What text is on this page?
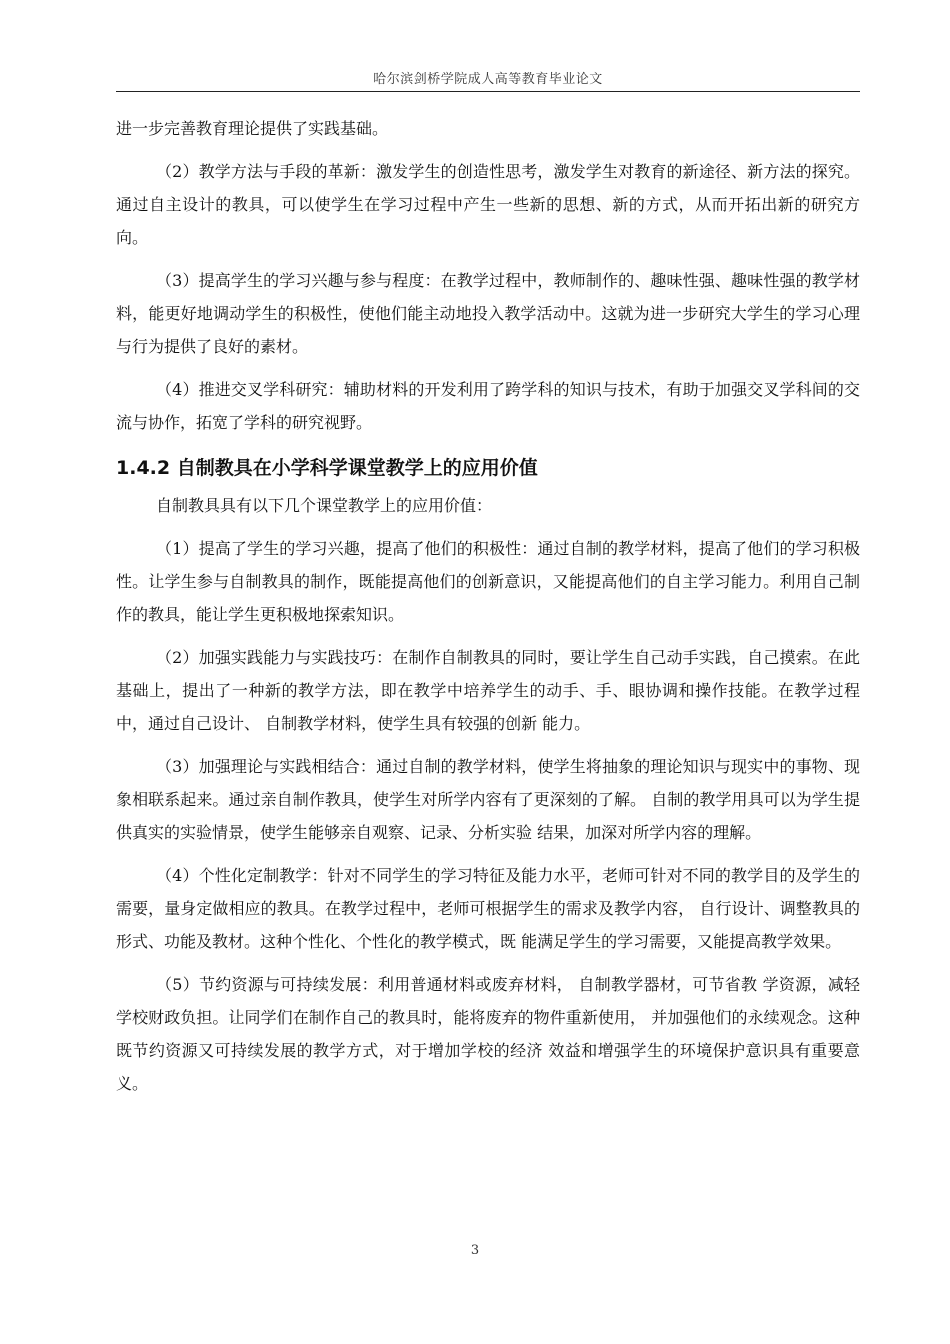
哈尔滨剑桥学院成人高等教育毕业论文

进一步完善教育理论提供了实践基础。

（2）教学方法与手段的革新：激发学生的创造性思考，激发学生对教育的新途径、新方法的探究。通过自主设计的教具，可以使学生在学习过程中产生一些新的思想、新的方式，从而开拓出新的研究方向。

（3）提高学生的学习兴趣与参与程度：在教学过程中，教师制作的、趣味性强、趣味性强的教学材料，能更好地调动学生的积极性，使他们能主动地投入教学活动中。这就为进一步研究大学生的学习心理与行为提供了良好的素材。

（4）推进交叉学科研究：辅助材料的开发利用了跨学科的知识与技术，有助于加强交叉学科间的交流与协作，拓宽了学科的研究视野。

1.4.2 自制教具在小学科学课堂教学上的应用价值

自制教具具有以下几个课堂教学上的应用价值：

（1）提高了学生的学习兴趣，提高了他们的积极性：通过自制的教学材料，提高了他们的学习积极性。让学生参与自制教具的制作，既能提高他们的创新意识，又能提高他们的自主学习能力。利用自己制作的教具，能让学生更积极地探索知识。

（2）加强实践能力与实践技巧：在制作自制教具的同时，要让学生自己动手实践，自己摸索。在此基础上，提出了一种新的教学方法，即在教学中培养学生的动手、手、眼协调和操作技能。在教学过程中，通过自己设计、 自制教学材料，使学生具有较强的创新 能力。

（3）加强理论与实践相结合：通过自制的教学材料，使学生将抽象的理论知识与现实中的事物、现象相联系起来。通过亲自制作教具，使学生对所学内容有了更深刻的了解。 自制的教学用具可以为学生提供真实的实验情景，使学生能够亲自观察、记录、分析实验 结果，加深对所学内容的理解。

（4）个性化定制教学：针对不同学生的学习特征及能力水平，老师可针对不同的教学目的及学生的需要，量身定做相应的教具。在教学过程中，老师可根据学生的需求及教学内容， 自行设计、调整教具的形式、功能及教材。这种个性化、个性化的教学模式，既 能满足学生的学习需要，又能提高教学效果。

（5）节约资源与可持续发展：利用普通材料或废弃材料， 自制教学器材，可节省教 学资源，减轻学校财政负担。让同学们在制作自己的教具时，能将废弃的物件重新使用， 并加强他们的永续观念。这种既节约资源又可持续发展的教学方式，对于增加学校的经济 效益和增强学生的环境保护意识具有重要意义。

3
